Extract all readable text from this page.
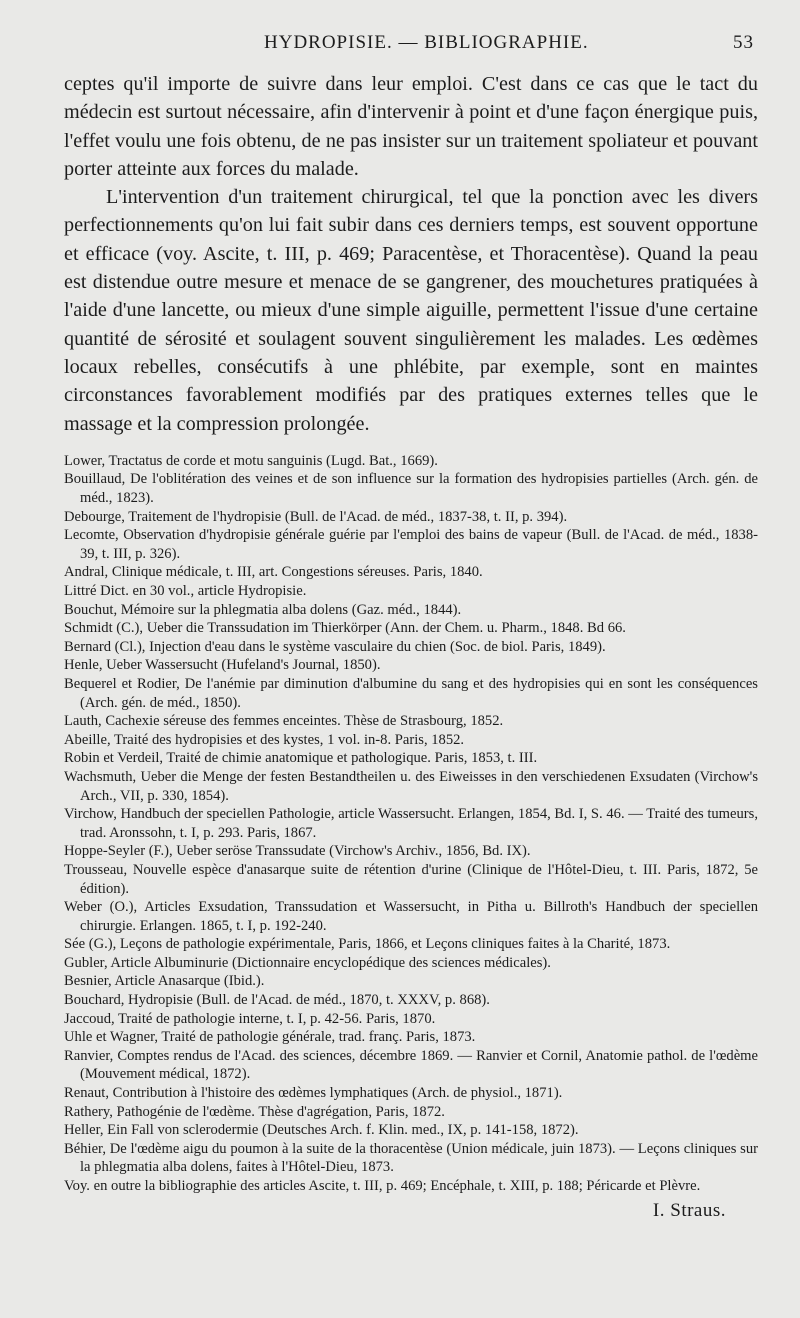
HYDROPISIE. — BIBLIOGRAPHIE.	53

ceptes qu'il importe de suivre dans leur emploi. C'est dans ce cas que le tact du médecin est surtout nécessaire, afin d'intervenir à point et d'une façon énergique puis, l'effet voulu une fois obtenu, de ne pas insister sur un traitement spoliateur et pouvant porter atteinte aux forces du malade.

L'intervention d'un traitement chirurgical, tel que la ponction avec les divers perfectionnements qu'on lui fait subir dans ces derniers temps, est souvent opportune et efficace (voy. Ascite, t. III, p. 469; Paracentèse, et Thoracentèse). Quand la peau est distendue outre mesure et menace de se gangrener, des mouchetures pratiquées à l'aide d'une lancette, ou mieux d'une simple aiguille, permettent l'issue d'une certaine quantité de sérosité et soulagent souvent singulièrement les malades. Les œdèmes locaux rebelles, consécutifs à une phlébite, par exemple, sont en maintes circonstances favorablement modifiés par des pratiques externes telles que le massage et la compression prolongée.

Lower, Tractatus de corde et motu sanguinis (Lugd. Bat., 1669).

Bouillaud, De l'oblitération des veines et de son influence sur la formation des hydropisies partielles (Arch. gén. de méd., 1823).

Debourge, Traitement de l'hydropisie (Bull. de l'Acad. de méd., 1837-38, t. II, p. 394).

Lecomte, Observation d'hydropisie générale guérie par l'emploi des bains de vapeur (Bull. de l'Acad. de méd., 1838-39, t. III, p. 326).

Andral, Clinique médicale, t. III, art. Congestions séreuses. Paris, 1840.

Littré Dict. en 30 vol., article Hydropisie.

Bouchut, Mémoire sur la phlegmatia alba dolens (Gaz. méd., 1844).

Schmidt (C.), Ueber die Transsudation im Thierkörper (Ann. der Chem. u. Pharm., 1848. Bd 66.

Bernard (Cl.), Injection d'eau dans le système vasculaire du chien (Soc. de biol. Paris, 1849).

Henle, Ueber Wassersucht (Hufeland's Journal, 1850).

Bequerel et Rodier, De l'anémie par diminution d'albumine du sang et des hydropisies qui en sont les conséquences (Arch. gén. de méd., 1850).

Lauth, Cachexie séreuse des femmes enceintes. Thèse de Strasbourg, 1852.

Abeille, Traité des hydropisies et des kystes, 1 vol. in-8. Paris, 1852.

Robin et Verdeil, Traité de chimie anatomique et pathologique. Paris, 1853, t. III.

Wachsmuth, Ueber die Menge der festen Bestandtheilen u. des Eiweisses in den verschiedenen Exsudaten (Virchow's Arch., VII, p. 330, 1854).

Virchow, Handbuch der speciellen Pathologie, article Wassersucht. Erlangen, 1854, Bd. I, S. 46. — Traité des tumeurs, trad. Aronssohn, t. I, p. 293. Paris, 1867.

Hoppe-Seyler (F.), Ueber seröse Transsudate (Virchow's Archiv., 1856, Bd. IX).

Trousseau, Nouvelle espèce d'anasarque suite de rétention d'urine (Clinique de l'Hôtel-Dieu, t. III. Paris, 1872, 5e édition).

Weber (O.), Articles Exsudation, Transsudation et Wassersucht, in Pitha u. Billroth's Handbuch der speciellen chirurgie. Erlangen. 1865, t. I, p. 192-240.

Sée (G.), Leçons de pathologie expérimentale, Paris, 1866, et Leçons cliniques faites à la Charité, 1873.

Gubler, Article Albuminurie (Dictionnaire encyclopédique des sciences médicales).

Besnier, Article Anasarque (Ibid.).

Bouchard, Hydropisie (Bull. de l'Acad. de méd., 1870, t. XXXV, p. 868).

Jaccoud, Traité de pathologie interne, t. I, p. 42-56. Paris, 1870.

Uhle et Wagner, Traité de pathologie générale, trad. franç. Paris, 1873.

Ranvier, Comptes rendus de l'Acad. des sciences, décembre 1869. — Ranvier et Cornil, Anatomie pathol. de l'œdème (Mouvement médical, 1872).

Renaut, Contribution à l'histoire des œdèmes lymphatiques (Arch. de physiol., 1871).

Rathery, Pathogénie de l'œdème. Thèse d'agrégation, Paris, 1872.

Heller, Ein Fall von sclerodermie (Deutsches Arch. f. Klin. med., IX, p. 141-158, 1872).

Béhier, De l'œdème aigu du poumon à la suite de la thoracentèse (Union médicale, juin 1873). — Leçons cliniques sur la phlegmatia alba dolens, faites à l'Hôtel-Dieu, 1873.

Voy. en outre la bibliographie des articles Ascite, t. III, p. 469; Encéphale, t. XIII, p. 188; Péricarde et Plèvre.

I. Straus.
